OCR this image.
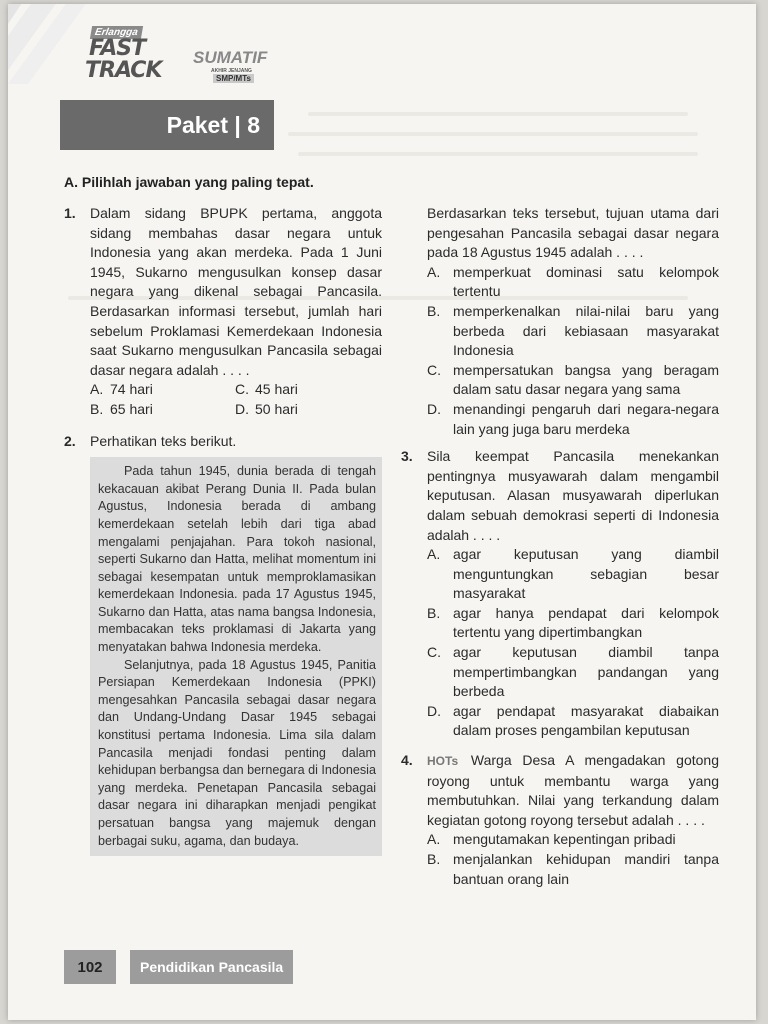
Erlangga
FAST
TRACK
SUMATIF
AKHIR JENJANG
SMP/MTs
Paket | 8
A. Pilihlah jawaban yang paling tepat.
1. Dalam sidang BPUPK pertama, anggota sidang membahas dasar negara untuk Indonesia yang akan merdeka. Pada 1 Juni 1945, Sukarno mengusulkan konsep dasar negara yang dikenal sebagai Pancasila. Berdasarkan informasi tersebut, jumlah hari sebelum Proklamasi Kemerdekaan Indonesia saat Sukarno mengusulkan Pancasila sebagai dasar negara adalah . . . .
A. 74 hari	C. 45 hari
B. 65 hari	D. 50 hari
2. Perhatikan teks berikut.

Pada tahun 1945, dunia berada di tengah kekacauan akibat Perang Dunia II. Pada bulan Agustus, Indonesia berada di ambang kemerdekaan setelah lebih dari tiga abad mengalami penjajahan. Para tokoh nasional, seperti Sukarno dan Hatta, melihat momentum ini sebagai kesempatan untuk memproklamasikan kemerdekaan Indonesia. pada 17 Agustus 1945, Sukarno dan Hatta, atas nama bangsa Indonesia, membacakan teks proklamasi di Jakarta yang menyatakan bahwa Indonesia merdeka.

Selanjutnya, pada 18 Agustus 1945, Panitia Persiapan Kemerdekaan Indonesia (PPKI) mengesahkan Pancasila sebagai dasar negara dan Undang-Undang Dasar 1945 sebagai konstitusi pertama Indonesia. Lima sila dalam Pancasila menjadi fondasi penting dalam kehidupan berbangsa dan bernegara di Indonesia yang merdeka. Penetapan Pancasila sebagai dasar negara ini diharapkan menjadi pengikat persatuan bangsa yang majemuk dengan berbagai suku, agama, dan budaya.

Berdasarkan teks tersebut, tujuan utama dari pengesahan Pancasila sebagai dasar negara pada 18 Agustus 1945 adalah . . . .
A. memperkuat dominasi satu kelompok tertentu
B. memperkenalkan nilai-nilai baru yang berbeda dari kebiasaan masyarakat Indonesia
C. mempersatukan bangsa yang beragam dalam satu dasar negara yang sama
D. menandingi pengaruh dari negara-negara lain yang juga baru merdeka
3. Sila keempat Pancasila menekankan pentingnya musyawarah dalam mengambil keputusan. Alasan musyawarah diperlukan dalam sebuah demokrasi seperti di Indonesia adalah . . . .
A. agar keputusan yang diambil menguntungkan sebagian besar masyarakat
B. agar hanya pendapat dari kelompok tertentu yang dipertimbangkan
C. agar keputusan diambil tanpa mempertimbangkan pandangan yang berbeda
D. agar pendapat masyarakat diabaikan dalam proses pengambilan keputusan
4. HOTs Warga Desa A mengadakan gotong royong untuk membantu warga yang membutuhkan. Nilai yang terkandung dalam kegiatan gotong royong tersebut adalah . . . .
A. mengutamakan kepentingan pribadi
B. menjalankan kehidupan mandiri tanpa bantuan orang lain
102	Pendidikan Pancasila
